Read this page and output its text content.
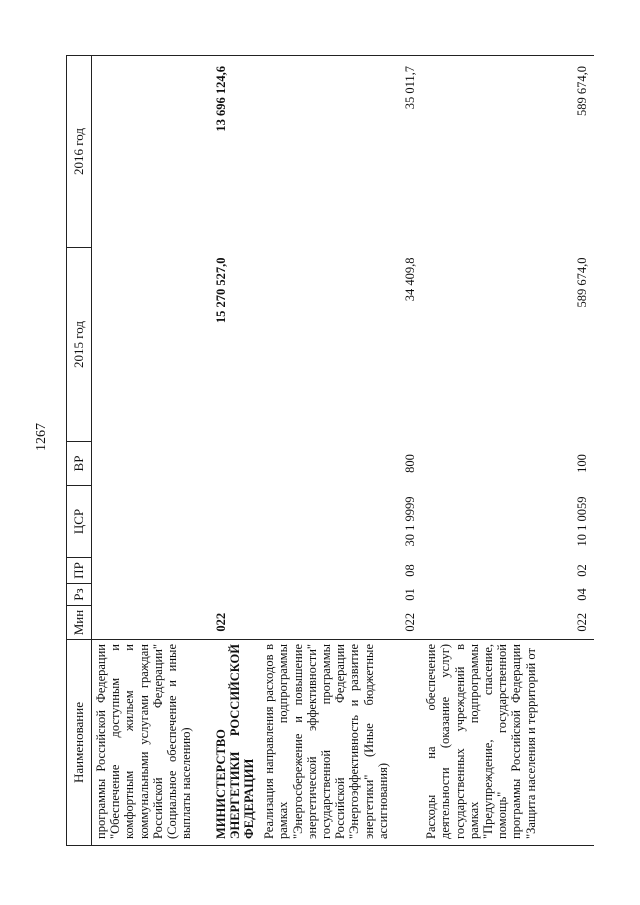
1267
Наименование	Мин	Рз	ПР	ЦСР	ВР	2015 год	2016 год
программы Российской Федерации "Обеспечение доступным и комфортным жильем и коммунальными услугами граждан Российской Федерации" (Социальное обеспечение и иные выплаты населению)							
МИНИСТЕРСТВО ЭНЕРГЕТИКИ РОССИЙСКОЙ ФЕДЕРАЦИИ	022					15 270 527,0	13 696 124,6
Реализация направления расходов в рамках подпрограммы "Энергосбережение и повышение энергетической эффективности" государственной программы Российской Федерации "Энергоэффективность и развитие энергетики" (Иные бюджетные ассигнования)	022	01	08	30 1 9999	800	34 409,8	35 011,7
Расходы на обеспечение деятельности (оказание услуг) государственных учреждений в рамках подпрограммы "Предупреждение, спасение, помощь" государственной программы Российской Федерации "Защита населения и территорий от	022	04	02	10 1 0059	100	589 674,0	589 674,0
